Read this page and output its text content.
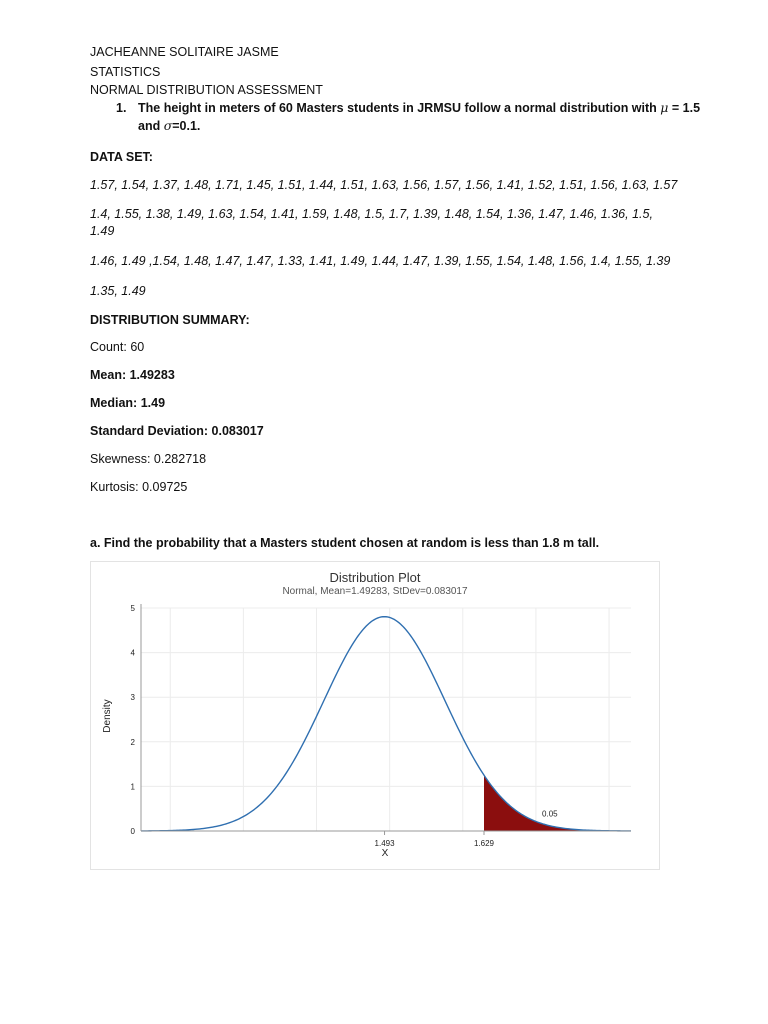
JACHEANNE SOLITAIRE JASME
STATISTICS
NORMAL DISTRIBUTION ASSESSMENT
1. The height in meters of 60 Masters students in JRMSU follow a normal distribution with μ = 1.5
and σ=0.1.
DATA SET:
1.57, 1.54, 1.37, 1.48, 1.71, 1.45, 1.51, 1.44, 1.51, 1.63, 1.56, 1.57, 1.56, 1.41, 1.52, 1.51, 1.56, 1.63, 1.57
1.4, 1.55, 1.38, 1.49, 1.63, 1.54, 1.41, 1.59, 1.48, 1.5, 1.7, 1.39, 1.48, 1.54, 1.36, 1.47, 1.46, 1.36, 1.5,
1.49
1.46, 1.49 ,1.54, 1.48, 1.47, 1.47, 1.33, 1.41, 1.49, 1.44, 1.47, 1.39, 1.55, 1.54, 1.48, 1.56, 1.4, 1.55, 1.39
1.35, 1.49
DISTRIBUTION SUMMARY:
Count: 60
Mean: 1.49283
Median: 1.49
Standard Deviation: 0.083017
Skewness: 0.282718
Kurtosis: 0.09725
a. Find the probability that a Masters student chosen at random is less than 1.8 m tall.
Distribution Plot
Normal, Mean=1.49283, StDev=0.083017
0
1
2
3
4
5
1.493	1.629
0.05
Density
X
